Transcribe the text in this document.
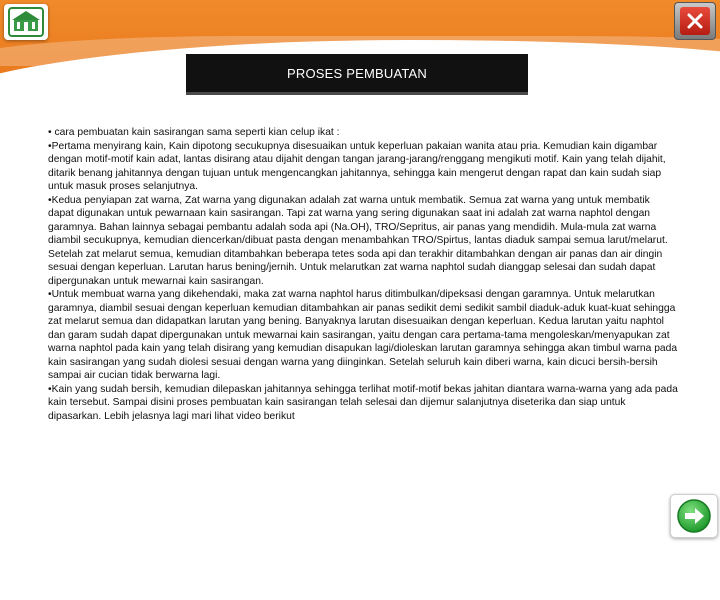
PROSES PEMBUATAN

• cara pembuatan kain sasirangan sama seperti kian celup ikat :

•Pertama menyirang kain, Kain dipotong secukupnya disesuaikan untuk keperluan pakaian wanita atau pria. Kemudian kain digambar dengan motif-motif kain adat, lantas disirang atau dijahit dengan tangan jarang-jarang/renggang mengikuti motif. Kain yang telah dijahit, ditarik benang jahitannya dengan tujuan untuk mengencangkan jahitannya, sehingga kain mengerut dengan rapat dan kain sudah siap untuk masuk proses selanjutnya.

•Kedua penyiapan zat warna, Zat warna yang digunakan adalah zat warna untuk membatik. Semua zat warna yang untuk membatik dapat digunakan untuk pewarnaan kain sasirangan. Tapi zat warna yang sering digunakan saat ini adalah zat warna naphtol dengan garamnya. Bahan lainnya sebagai pembantu adalah soda api (Na.OH), TRO/Sepritus, air panas yang mendidih. Mula-mula zat warna diambil secukupnya, kemudian diencerkan/dibuat pasta dengan menambahkan TRO/Spirtus, lantas diaduk sampai semua larut/melarut. Setelah zat melarut semua, kemudian ditambahkan beberapa tetes soda api dan terakhir ditambahkan dengan air panas dan air dingin sesuai dengan keperluan. Larutan harus bening/jernih. Untuk melarutkan zat warna naphtol sudah dianggap selesai dan sudah dapat dipergunakan untuk mewarnai kain sasirangan.

•Untuk membuat warna yang dikehendaki, maka zat warna naphtol harus ditimbulkan/dipeksasi dengan garamnya. Untuk melarutkan garamnya, diambil sesuai dengan keperluan kemudian ditambahkan air panas sedikit demi sedikit sambil diaduk-aduk kuat-kuat sehingga zat melarut semua dan didapatkan larutan yang bening. Banyaknya larutan disesuaikan dengan keperluan. Kedua larutan yaitu naphtol dan garam sudah dapat dipergunakan untuk mewarnai kain sasirangan, yaitu dengan cara pertama-tama mengoleskan/menyapukan zat warna naphtol pada kain yang telah disirang yang kemudian disapukan lagi/dioleskan larutan garamnya sehingga akan timbul warna pada kain sasirangan yang sudah diolesi sesuai dengan warna yang diinginkan. Setelah seluruh kain diberi warna, kain dicuci bersih-bersih sampai air cucian tidak berwarna lagi.

•Kain yang sudah bersih, kemudian dilepaskan jahitannya sehingga terlihat motif-motif bekas jahitan diantara warna-warna yang ada pada kain tersebut. Sampai disini proses pembuatan kain sasirangan telah selesai dan dijemur salanjutnya diseterika dan siap untuk dipasarkan. Lebih jelasnya lagi mari lihat video berikut
